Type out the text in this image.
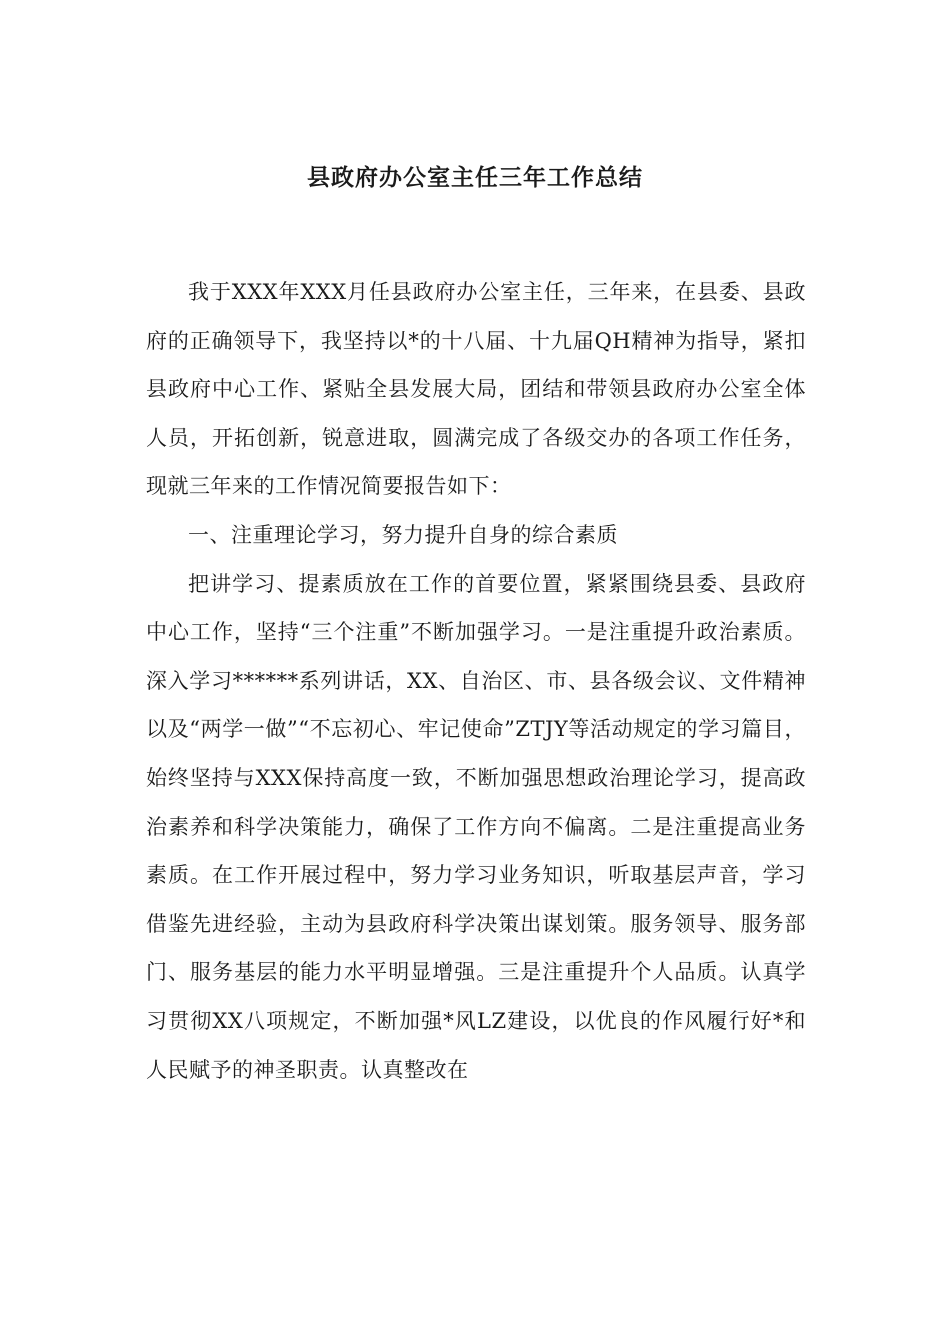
县政府办公室主任三年工作总结

我于XXX年XXX月任县政府办公室主任，三年来，在县委、县政府的正确领导下，我坚持以*的十八届、十九届QH精神为指导，紧扣县政府中心工作、紧贴全县发展大局，团结和带领县政府办公室全体人员，开拓创新，锐意进取，圆满完成了各级交办的各项工作任务，现就三年来的工作情况简要报告如下：

一、注重理论学习，努力提升自身的综合素质

把讲学习、提素质放在工作的首要位置，紧紧围绕县委、县政府中心工作，坚持“三个注重”不断加强学习。一是注重提升政治素质。深入学习******系列讲话，XX、自治区、市、县各级会议、文件精神以及“两学一做”“不忘初心、牢记使命”ZTJY等活动规定的学习篇目，始终坚持与XXX保持高度一致，不断加强思想政治理论学习，提高政治素养和科学决策能力，确保了工作方向不偏离。二是注重提高业务素质。在工作开展过程中，努力学习业务知识，听取基层声音，学习借鉴先进经验，主动为县政府科学决策出谋划策。服务领导、服务部门、服务基层的能力水平明显增强。三是注重提升个人品质。认真学习贯彻XX八项规定，不断加强*风LZ建设，以优良的作风履行好*和人民赋予的神圣职责。认真整改在
